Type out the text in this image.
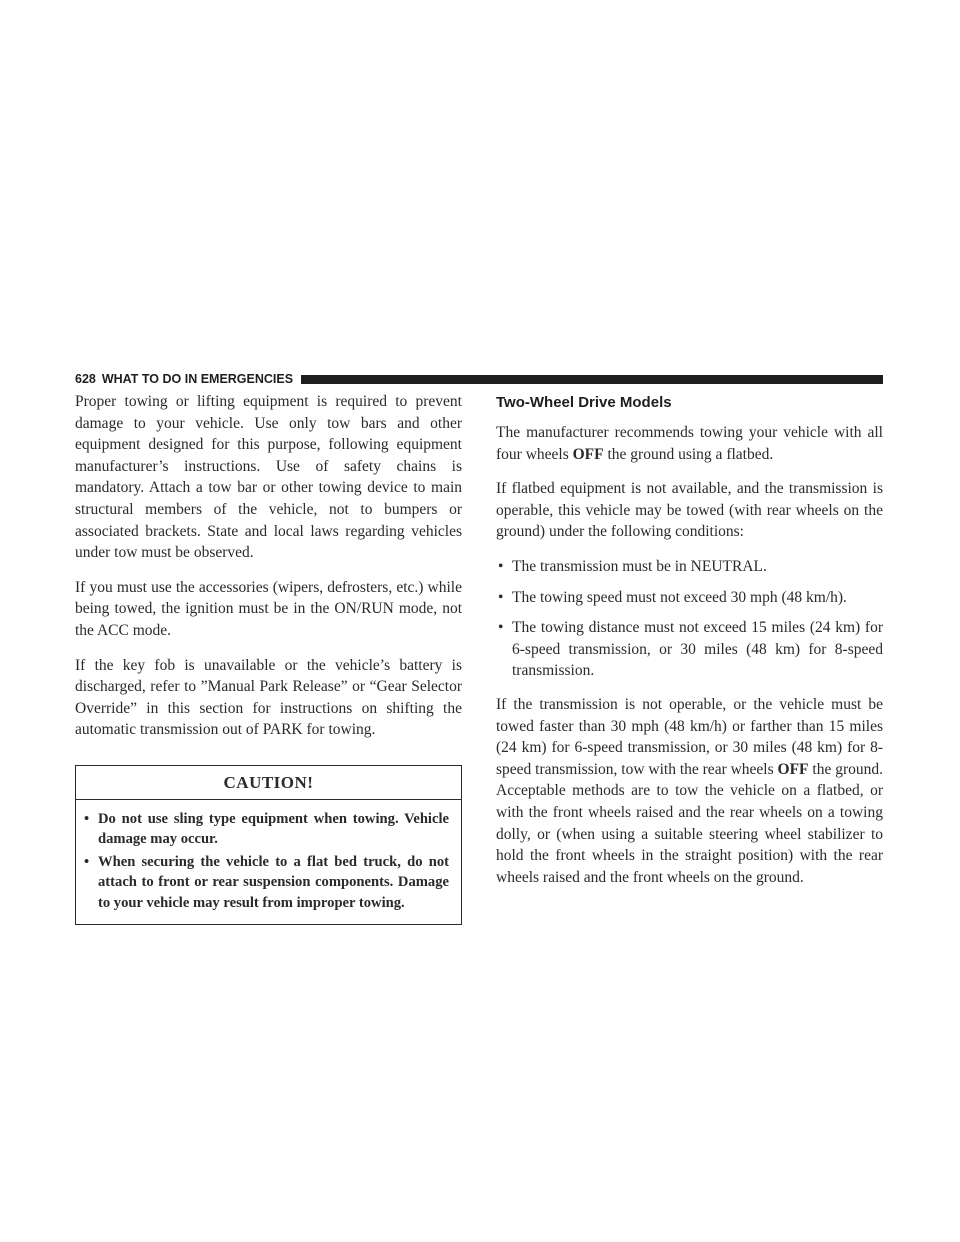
628 WHAT TO DO IN EMERGENCIES

Proper towing or lifting equipment is required to prevent damage to your vehicle. Use only tow bars and other equipment designed for this purpose, following equipment manufacturer’s instructions. Use of safety chains is mandatory. Attach a tow bar or other towing device to main structural members of the vehicle, not to bumpers or associated brackets. State and local laws regarding vehicles under tow must be observed.

If you must use the accessories (wipers, defrosters, etc.) while being towed, the ignition must be in the ON/RUN mode, not the ACC mode.

If the key fob is unavailable or the vehicle’s battery is discharged, refer to ”Manual Park Release” or “Gear Selector Override” in this section for instructions on shifting the automatic transmission out of PARK for towing.

CAUTION!
• Do not use sling type equipment when towing. Vehicle damage may occur.
• When securing the vehicle to a flat bed truck, do not attach to front or rear suspension components. Damage to your vehicle may result from improper towing.
Two-Wheel Drive Models

The manufacturer recommends towing your vehicle with all four wheels OFF the ground using a flatbed.

If flatbed equipment is not available, and the transmission is operable, this vehicle may be towed (with rear wheels on the ground) under the following conditions:

• The transmission must be in NEUTRAL.
• The towing speed must not exceed 30 mph (48 km/h).
• The towing distance must not exceed 15 miles (24 km) for 6-speed transmission, or 30 miles (48 km) for 8-speed transmission.

If the transmission is not operable, or the vehicle must be towed faster than 30 mph (48 km/h) or farther than 15 miles (24 km) for 6-speed transmission, or 30 miles (48 km) for 8-speed transmission, tow with the rear wheels OFF the ground. Acceptable methods are to tow the vehicle on a flatbed, or with the front wheels raised and the rear wheels on a towing dolly, or (when using a suitable steering wheel stabilizer to hold the front wheels in the straight position) with the rear wheels raised and the front wheels on the ground.
